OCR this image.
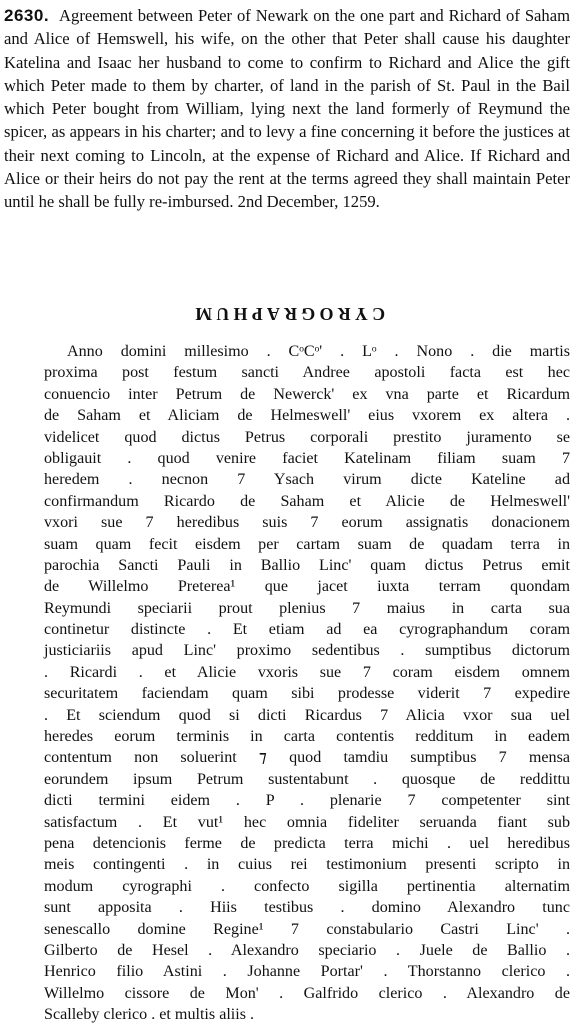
2630. Agreement between Peter of Newark on the one part and Richard of Saham and Alice of Hemswell, his wife, on the other that Peter shall cause his daughter Katelina and Isaac her husband to come to confirm to Richard and Alice the gift which Peter made to them by charter, of land in the parish of St. Paul in the Bail which Peter bought from William, lying next the land formerly of Reymund the spicer, as appears in his charter; and to levy a fine concerning it before the justices at their next coming to Lincoln, at the expense of Richard and Alice. If Richard and Alice or their heirs do not pay the rent at the terms agreed they shall maintain Peter until he shall be fully re-imbursed. 2nd December, 1259.

CYROGRAPHUM
Anno domini millesimo . CᵒCᵒ' . Lᵒ . Nono . die martis
proxima post festum sancti Andree apostoli facta est hec
conuencio inter Petrum de Newerck' ex vna parte et Ricardum
de Saham et Aliciam de Helmeswell' eius vxorem ex altera .
videlicet quod dictus Petrus corporali prestito juramento se
obligauit . quod venire faciet Katelinam filiam suam 7
heredem . necnon 7 Ysach virum dicte Kateline ad
confirmandum Ricardo de Saham et Alicie de Helmeswell'
vxori sue 7 heredibus suis 7 eorum assignatis donacionem
suam quam fecit eisdem per cartam suam de quadam terra in
parochia Sancti Pauli in Ballio Linc' quam dictus Petrus emit
de Willelmo Preterea¹ que jacet iuxta terram quondam
Reymundi speciarii prout plenius 7 maius in carta sua
continetur distincte . Et etiam ad ea cyrographandum coram
justiciariis apud Linc' proximo sedentibus . sumptibus dictorum
. Ricardi . et Alicie vxoris sue 7 coram eisdem omnem
securitatem faciendam quam sibi prodesse viderit 7 expedire
. Et sciendum quod si dicti Ricardus 7 Alicia vxor sua uel
heredes eorum terminis in carta contentis redditum in eadem
contentum non soluerint ⁊ quod tamdiu sumptibus 7 mensa
eorundem ipsum Petrum sustentabunt . quosque de reddittu
dicti termini eidem . P . plenarie 7 competenter sint
satisfactum . Et vut¹ hec omnia fideliter seruanda fiant sub
pena detencionis ferme de predicta terra michi . uel heredibus
meis contingenti . in cuius rei testimonium presenti scripto in
modum cyrographi . confecto sigilla pertinentia alternatim
sunt apposita . Hiis testibus . domino Alexandro tunc
senescallo domine Regine¹ 7 constabulario Castri Linc' .
Gilberto de Hesel . Alexandro speciario . Juele de Ballio .
Henrico filio Astini . Johanne Portar' . Thorstanno clerico .
Willelmo cissore de Mon' . Galfrido clerico . Alexandro de
Scalleby clerico . et multis aliis .
